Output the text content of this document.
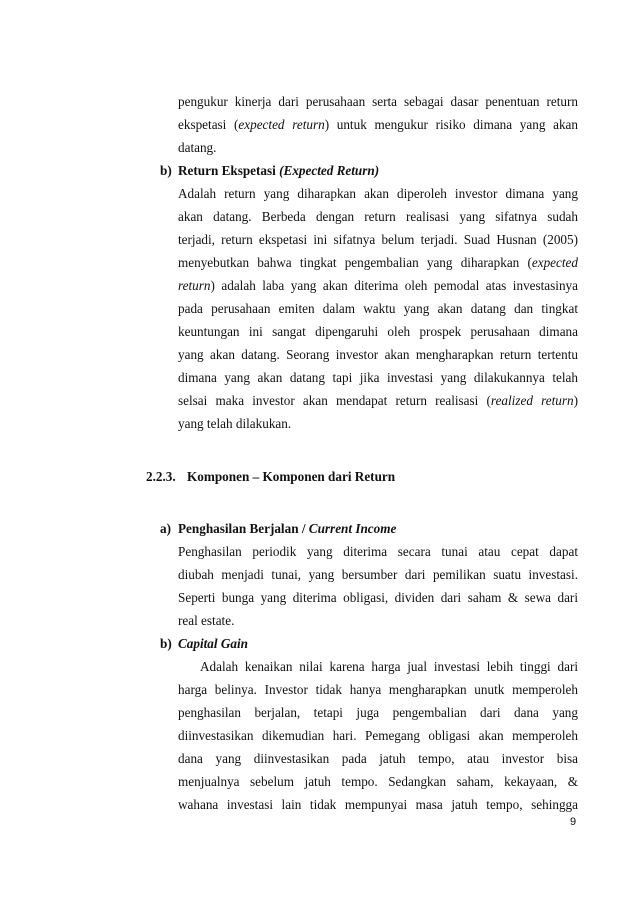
pengukur kinerja dari perusahaan serta sebagai dasar penentuan return
ekspetasi (expected return) untuk mengukur risiko dimana yang akan
datang.
b) Return Ekspetasi (Expected Return)
Adalah return yang diharapkan akan diperoleh investor dimana yang
akan datang. Berbeda dengan return realisasi yang sifatnya sudah
terjadi, return ekspetasi ini sifatnya belum terjadi. Suad Husnan (2005)
menyebutkan bahwa tingkat pengembalian yang diharapkan (expected
return) adalah laba yang akan diterima oleh pemodal atas investasinya
pada perusahaan emiten dalam waktu yang akan datang dan tingkat
keuntungan ini sangat dipengaruhi oleh prospek perusahaan dimana
yang akan datang. Seorang investor akan mengharapkan return tertentu
dimana yang akan datang tapi jika investasi yang dilakukannya telah
selsai maka investor akan mendapat return realisasi (realized return)
yang telah dilakukan.
2.2.3. Komponen – Komponen dari Return
a) Penghasilan Berjalan / Current Income
Penghasilan periodik yang diterima secara tunai atau cepat dapat
diubah menjadi tunai, yang bersumber dari pemilikan suatu investasi.
Seperti bunga yang diterima obligasi, dividen dari saham & sewa dari
real estate.
b) Capital Gain
Adalah kenaikan nilai karena harga jual investasi lebih tinggi dari
harga belinya. Investor tidak hanya mengharapkan unutk memperoleh
penghasilan berjalan, tetapi juga pengembalian dari dana yang
diinvestasikan dikemudian hari. Pemegang obligasi akan memperoleh
dana yang diinvestasikan pada jatuh tempo, atau investor bisa
menjualnya sebelum jatuh tempo. Sedangkan saham, kekayaan, &
wahana investasi lain tidak mempunyai masa jatuh tempo, sehingga
9
